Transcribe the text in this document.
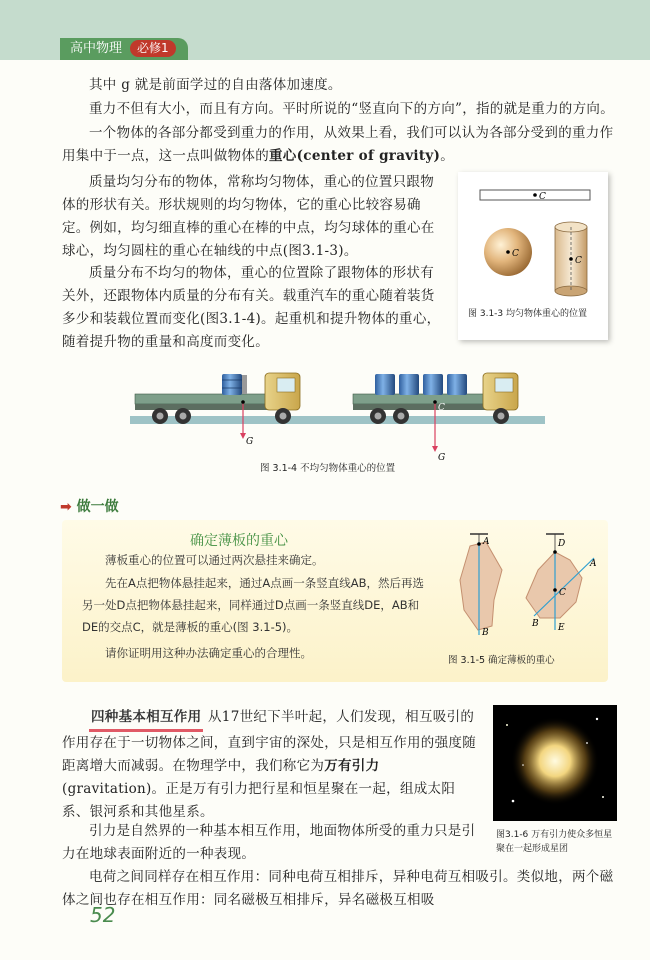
高中物理 必修1
其中 g 就是前面学过的自由落体加速度。
重力不但有大小，而且有方向。平时所说的“竖直向下的方向”，指的就是重力的方向。
一个物体的各部分都受到重力的作用，从效果上看，我们可以认为各部分受到的重力作用集中于一点，这一点叫做物体的重心(center of gravity)。
质量均匀分布的物体，常称均匀物体，重心的位置只跟物体的形状有关。形状规则的均匀物体，它的重心比较容易确定。例如，均匀细直棒的重心在棒的中点，均匀球体的重心在球心，均匀圆柱的重心在轴线的中点(图3.1-3)。
质量分布不均匀的物体，重心的位置除了跟物体的形状有关外，还跟物体内质量的分布有关。载重汽车的重心随着装货多少和装载位置而变化(图3.1-4)。起重机和提升物体的重心，随着提升物的重量和高度而变化。
C
C
C
图 3.1-3 均匀物体重心的位置
G
C
G
图 3.1-4 不均匀物体重心的位置
➡ 做一做
确定薄板的重心
薄板重心的位置可以通过两次悬挂来确定。
先在A点把物体悬挂起来，通过A点画一条竖直线AB，然后再选另一处D点把物体悬挂起来，同样通过D点画一条竖直线DE，AB和DE的交点C，就是薄板的重心(图 3.1-5)。
请你证明用这种办法确定重心的合理性。
A
B
D
A
C
B E
图 3.1-5 确定薄板的重心
四种基本相互作用 从17世纪下半叶起，人们发现，相互吸引的作用存在于一切物体之间，直到宇宙的深处，只是相互作用的强度随距离增大而减弱。在物理学中，我们称它为万有引力(gravitation)。正是万有引力把行星和恒星聚在一起，组成太阳系、银河系和其他星系。
引力是自然界的一种基本相互作用，地面物体所受的重力只是引力在地球表面附近的一种表现。
电荷之间同样存在相互作用：同种电荷互相排斥，异种电荷互相吸引。类似地，两个磁体之间也存在相互作用：同名磁极互相排斥，异名磁极互相吸
图3.1-6 万有引力使众多恒星聚在一起形成星团
52
